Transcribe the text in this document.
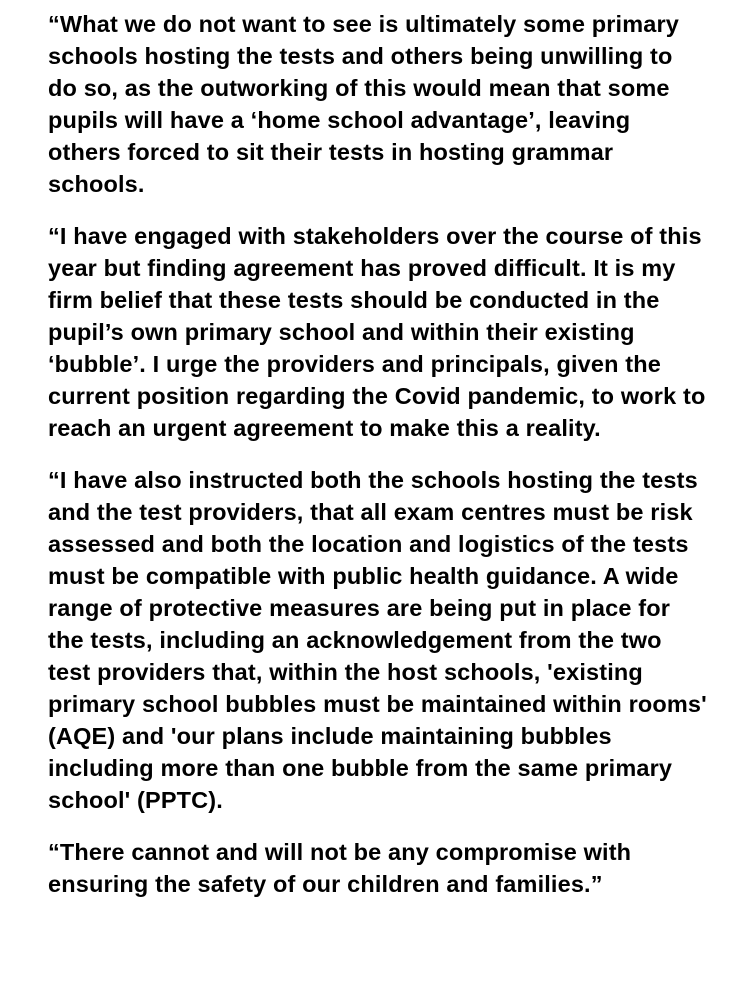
“What we do not want to see is ultimately some primary schools hosting the tests and others being unwilling to do so, as the outworking of this would mean that some pupils will have a ‘home school advantage’, leaving others forced to sit their tests in hosting grammar schools.

“I have engaged with stakeholders over the course of this year but finding agreement has proved difficult. It is my firm belief that these tests should be conducted in the pupil’s own primary school and within their existing ‘bubble’. I urge the providers and principals, given the current position regarding the Covid pandemic, to work to reach an urgent agreement to make this a reality.

“I have also instructed both the schools hosting the tests and the test providers, that all exam centres must be risk assessed and both the location and logistics of the tests must be compatible with public health guidance. A wide range of protective measures are being put in place for the tests, including an acknowledgement from the two test providers that, within the host schools, 'existing primary school bubbles must be maintained within rooms' (AQE) and 'our plans include maintaining bubbles including more than one bubble from the same primary school' (PPTC).

“There cannot and will not be any compromise with ensuring the safety of our children and families.”
